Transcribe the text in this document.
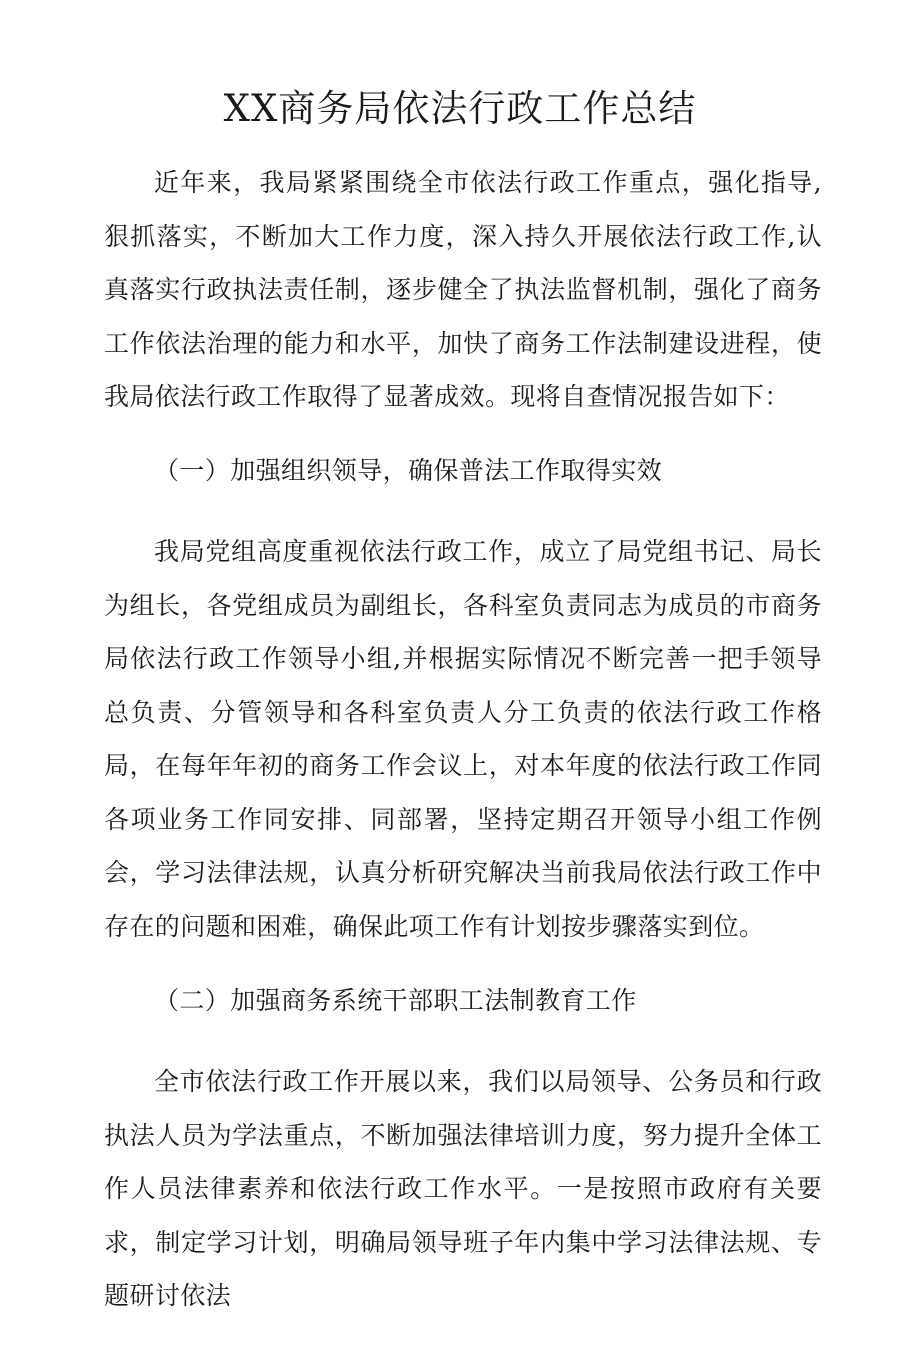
XX商务局依法行政工作总结

近年来，我局紧紧围绕全市依法行政工作重点，强化指导,狠抓落实，不断加大工作力度，深入持久开展依法行政工作,认真落实行政执法责任制，逐步健全了执法监督机制，强化了商务工作依法治理的能力和水平，加快了商务工作法制建设进程，使我局依法行政工作取得了显著成效。现将自查情况报告如下：

（一）加强组织领导，确保普法工作取得实效

我局党组高度重视依法行政工作，成立了局党组书记、局长为组长，各党组成员为副组长，各科室负责同志为成员的市商务局依法行政工作领导小组,并根据实际情况不断完善一把手领导总负责、分管领导和各科室负责人分工负责的依法行政工作格局，在每年年初的商务工作会议上，对本年度的依法行政工作同各项业务工作同安排、同部署，坚持定期召开领导小组工作例会，学习法律法规，认真分析研究解决当前我局依法行政工作中存在的问题和困难，确保此项工作有计划按步骤落实到位。

（二）加强商务系统干部职工法制教育工作

全市依法行政工作开展以来，我们以局领导、公务员和行政执法人员为学法重点，不断加强法律培训力度，努力提升全体工作人员法律素养和依法行政工作水平。一是按照市政府有关要求，制定学习计划，明确局领导班子年内集中学习法律法规、专题研讨依法
